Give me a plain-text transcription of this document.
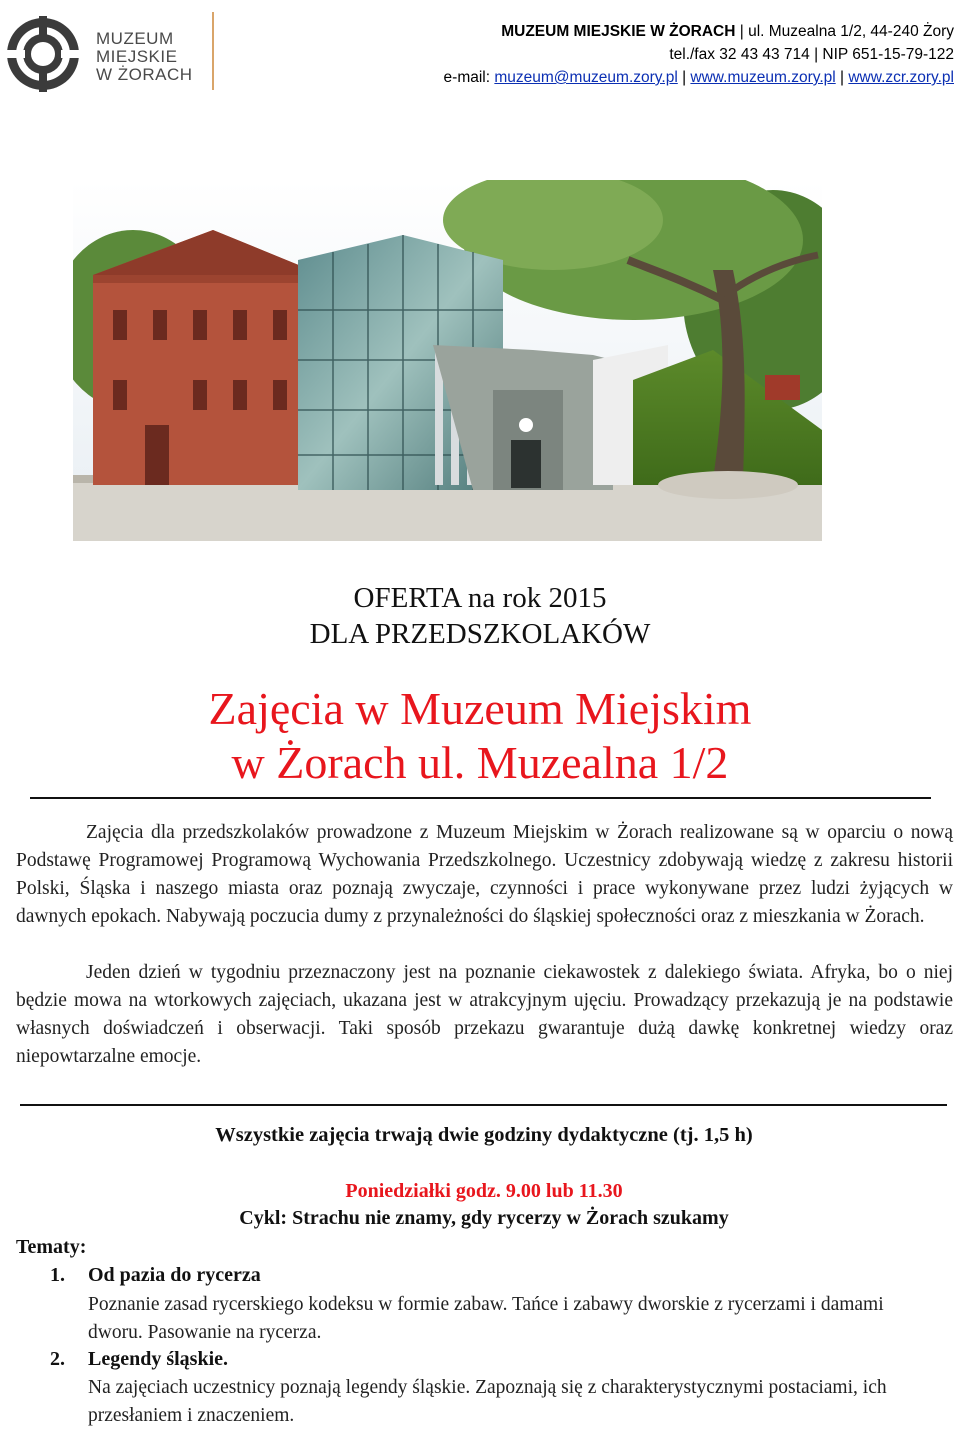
MUZEUM
MIEJSKIE
W ŻORACH
MUZEUM MIEJSKIE W ŻORACH | ul. Muzealna 1/2, 44-240 Żory
tel./fax 32 43 43 714 | NIP 651-15-79-122
e-mail: muzeum@muzeum.zory.pl | www.muzeum.zory.pl | www.zcr.zory.pl
OFERTA na rok 2015
DLA PRZEDSZKOLAKÓW
Zajęcia w Muzeum Miejskim
w Żorach ul. Muzealna 1/2
Zajęcia dla przedszkolaków prowadzone z Muzeum Miejskim w Żorach realizowane są w oparciu o nową Podstawę Programowej Programową Wychowania Przedszkolnego. Uczestnicy zdobywają wiedzę z zakresu historii Polski, Śląska i naszego miasta oraz poznają zwyczaje, czynności i prace wykonywane przez ludzi żyjących w dawnych epokach. Nabywają poczucia dumy z przynależności do śląskiej społeczności oraz z mieszkania w Żorach.
Jeden dzień w tygodniu przeznaczony jest na poznanie ciekawostek z dalekiego świata. Afryka, bo o niej będzie mowa na wtorkowych zajęciach, ukazana jest w atrakcyjnym ujęciu. Prowadzący przekazują je na podstawie własnych doświadczeń i obserwacji. Taki sposób przekazu gwarantuje dużą dawkę konkretnej wiedzy oraz niepowtarzalne emocje.
Wszystkie zajęcia trwają dwie godziny dydaktyczne (tj. 1,5 h)
Poniedziałki godz. 9.00 lub 11.30
Cykl: Strachu nie znamy, gdy rycerzy w Żorach szukamy
Tematy:
1. Od pazia do rycerza
Poznanie zasad rycerskiego kodeksu w formie zabaw. Tańce i zabawy dworskie z rycerzami i damami dworu. Pasowanie na rycerza.
2. Legendy śląskie.
Na zajęciach uczestnicy poznają legendy śląskie. Zapoznają się z charakterystycznymi postaciami, ich przesłaniem i znaczeniem.
